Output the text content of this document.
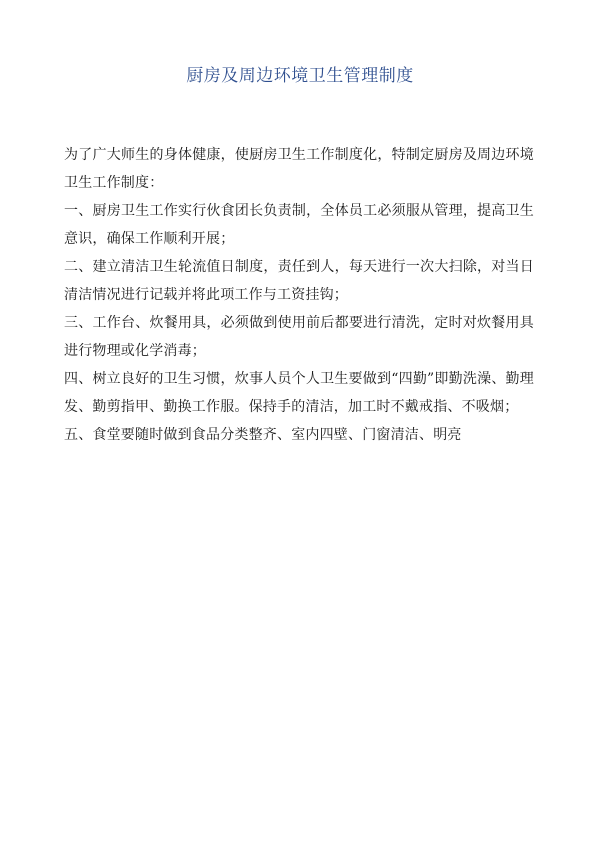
厨房及周边环境卫生管理制度

为了广大师生的身体健康，使厨房卫生工作制度化，特制定厨房及周边环境卫生工作制度：

一、厨房卫生工作实行伙食团长负责制，全体员工必须服从管理，提高卫生意识，确保工作顺利开展；

二、建立清洁卫生轮流值日制度，责任到人，每天进行一次大扫除，对当日清洁情况进行记载并将此项工作与工资挂钩；

三、工作台、炊餐用具，必须做到使用前后都要进行清洗，定时对炊餐用具进行物理或化学消毒；

四、树立良好的卫生习惯，炊事人员个人卫生要做到“四勤”即勤洗澡、勤理发、勤剪指甲、勤换工作服。保持手的清洁，加工时不戴戒指、不吸烟；

五、食堂要随时做到食品分类整齐、室内四壁、门窗清洁、明亮
